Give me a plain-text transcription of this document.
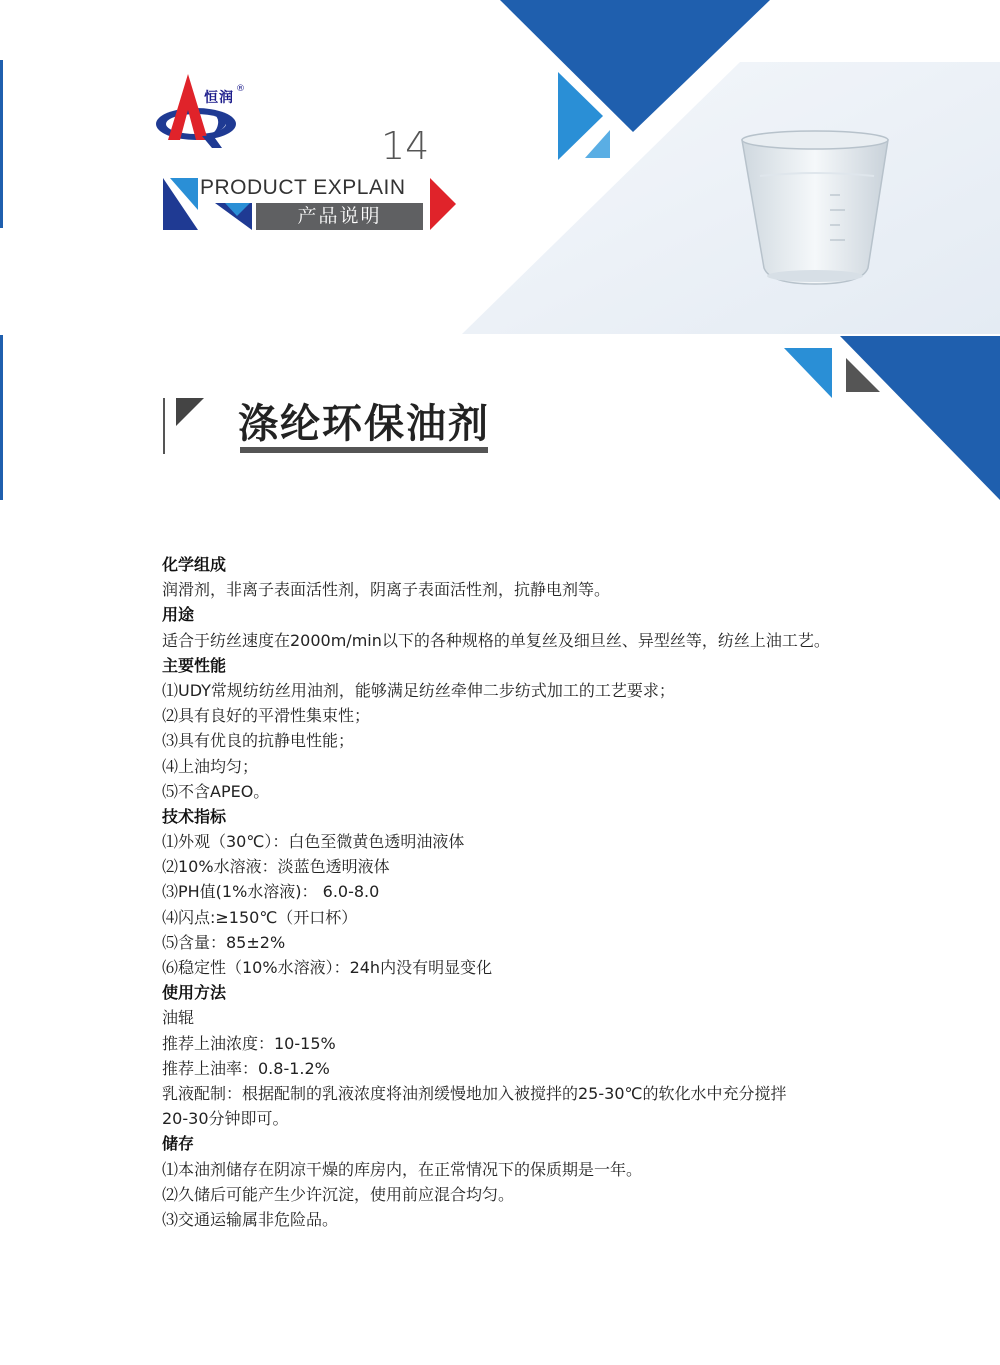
恒润
®
14
PRODUCT EXPLAIN
产品说明
涤纶环保油剂
化学组成
润滑剂，非离子表面活性剂，阴离子表面活性剂，抗静电剂等。
用途
适合于纺丝速度在2000m/min以下的各种规格的单复丝及细旦丝、异型丝等，纺丝上油工艺。
主要性能
⑴UDY常规纺纺丝用油剂，能够满足纺丝牵伸二步纺式加工的工艺要求；
⑵具有良好的平滑性集束性；
⑶具有优良的抗静电性能；
⑷上油均匀；
⑸不含APEO。
技术指标
⑴外观（30℃）：白色至微黄色透明油液体
⑵10%水溶液：淡蓝色透明液体
⑶PH值(1%水溶液)： 6.0-8.0
⑷闪点:≥150℃（开口杯）
⑸含量：85±2%
⑹稳定性（10%水溶液）：24h内没有明显变化
使用方法
油辊
推荐上油浓度：10-15%
推荐上油率：0.8-1.2%
乳液配制：根据配制的乳液浓度将油剂缓慢地加入被搅拌的25-30℃的软化水中充分搅拌
20-30分钟即可。
储存
⑴本油剂储存在阴凉干燥的库房内，在正常情况下的保质期是一年。
⑵久储后可能产生少许沉淀，使用前应混合均匀。
⑶交通运输属非危险品。
